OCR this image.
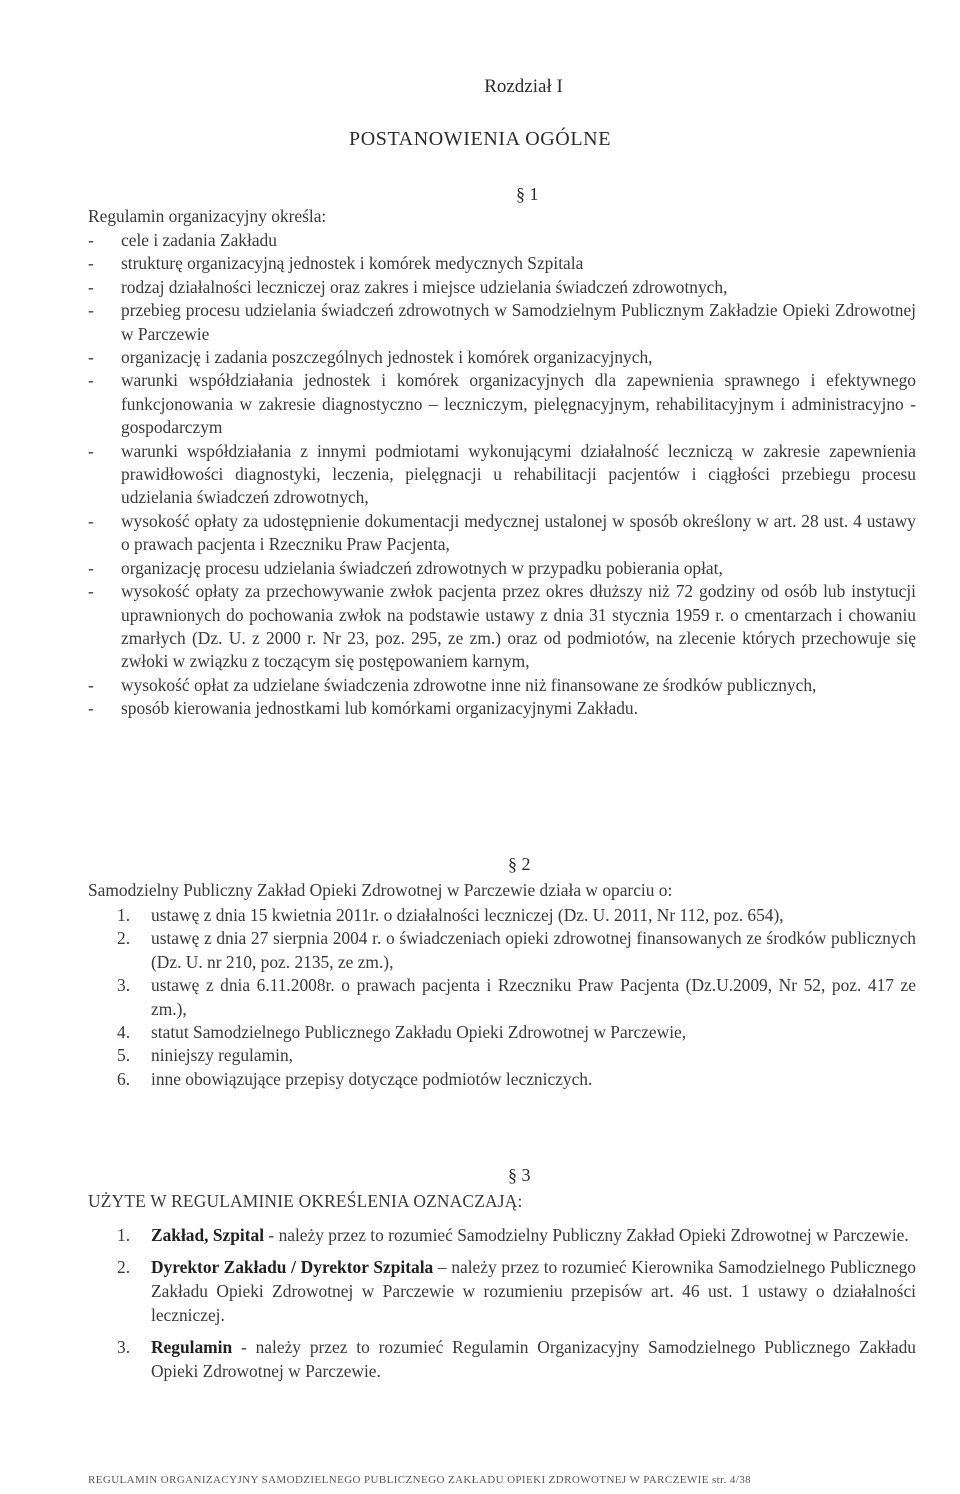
Rozdział I
POSTANOWIENIA OGÓLNE
§ 1
Regulamin organizacyjny określa:
- cele i zadania Zakładu
- strukturę organizacyjną jednostek i komórek medycznych Szpitala
- rodzaj działalności leczniczej oraz zakres i miejsce udzielania świadczeń zdrowotnych,
- przebieg procesu udzielania świadczeń zdrowotnych w Samodzielnym Publicznym Zakładzie Opieki Zdrowotnej w Parczewie
- organizację i zadania poszczególnych jednostek i komórek organizacyjnych,
- warunki współdziałania jednostek i komórek organizacyjnych dla zapewnienia sprawnego i efektywnego funkcjonowania w zakresie diagnostyczno – leczniczym, pielęgnacyjnym, rehabilitacyjnym i administracyjno - gospodarczym
- warunki współdziałania z innymi podmiotami wykonującymi działalność leczniczą w zakresie zapewnienia prawidłowości diagnostyki, leczenia, pielęgnacji u rehabilitacji pacjentów i ciągłości przebiegu procesu udzielania świadczeń zdrowotnych,
- wysokość opłaty za udostępnienie dokumentacji medycznej ustalonej w sposób określony w art. 28 ust. 4 ustawy o prawach pacjenta i Rzeczniku Praw Pacjenta,
- organizację procesu udzielania świadczeń zdrowotnych w przypadku pobierania opłat,
- wysokość opłaty za przechowywanie zwłok pacjenta przez okres dłuższy niż 72 godziny od osób lub instytucji uprawnionych do pochowania zwłok na podstawie ustawy z dnia 31 stycznia 1959 r. o cmentarzach i chowaniu zmarłych (Dz. U. z 2000 r. Nr 23, poz. 295, ze zm.) oraz od podmiotów, na zlecenie których przechowuje się zwłoki w związku z toczącym się postępowaniem karnym,
- wysokość opłat za udzielane świadczenia zdrowotne inne niż finansowane ze środków publicznych,
- sposób kierowania jednostkami lub komórkami organizacyjnymi Zakładu.
§ 2
Samodzielny Publiczny Zakład Opieki Zdrowotnej w Parczewie działa w oparciu o:
1. ustawę z dnia 15 kwietnia 2011r. o działalności leczniczej (Dz. U. 2011, Nr 112, poz. 654),
2. ustawę z dnia 27 sierpnia 2004 r. o świadczeniach opieki zdrowotnej finansowanych ze środków publicznych (Dz. U. nr 210, poz. 2135, ze zm.),
3. ustawę z dnia 6.11.2008r. o prawach pacjenta i Rzeczniku Praw Pacjenta (Dz.U.2009, Nr 52, poz. 417 ze zm.),
4. statut Samodzielnego Publicznego Zakładu Opieki Zdrowotnej w Parczewie,
5. niniejszy regulamin,
6. inne obowiązujące przepisy dotyczące podmiotów leczniczych.
§ 3
UŻYTE W REGULAMINIE OKREŚLENIA OZNACZAJĄ:
1. Zakład, Szpital - należy przez to rozumieć Samodzielny Publiczny Zakład Opieki Zdrowotnej w Parczewie.
2. Dyrektor Zakładu / Dyrektor Szpitala – należy przez to rozumieć Kierownika Samodzielnego Publicznego Zakładu Opieki Zdrowotnej w Parczewie w rozumieniu przepisów art. 46 ust. 1 ustawy o działalności leczniczej.
3. Regulamin - należy przez to rozumieć Regulamin Organizacyjny Samodzielnego Publicznego Zakładu Opieki Zdrowotnej w Parczewie.
REGULAMIN ORGANIZACYJNY SAMODZIELNEGO PUBLICZNEGO ZAKŁADU OPIEKI ZDROWOTNEJ W PARCZEWIE str. 4/38
